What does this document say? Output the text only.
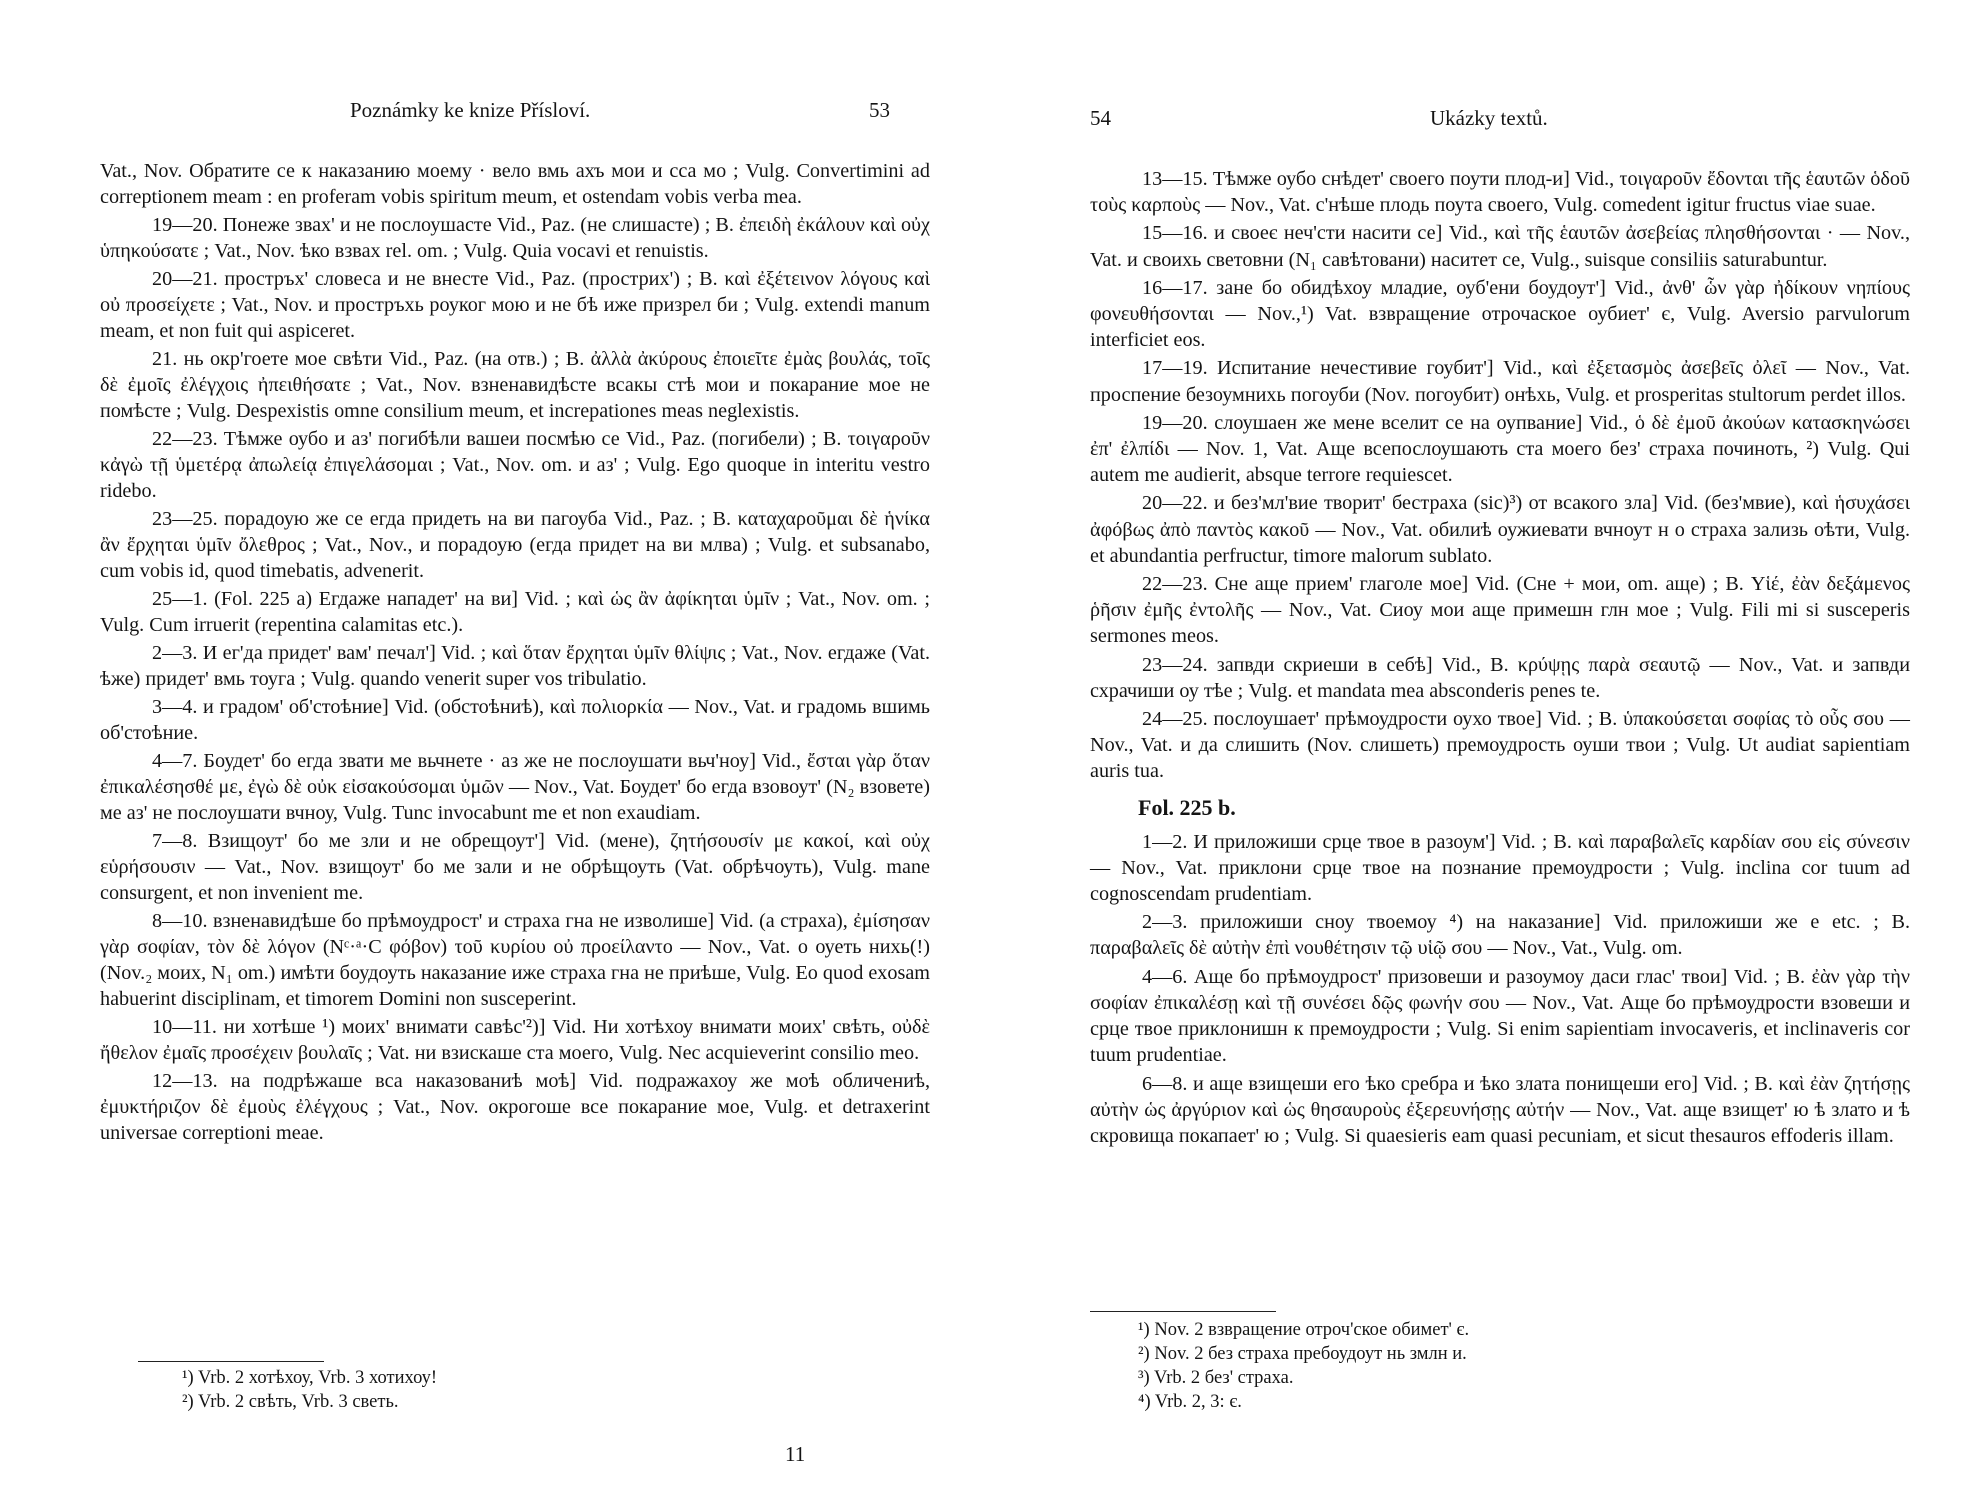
Poznámky ke knize Přísloví.	53

Vat., Nov. Обратите се к наказанию моему · вело вмь ахъ мои и сса мо ; Vulg. Convertimini ad correptionem meam : en proferam vobis spiritum meum, et ostendam vobis verba mea.

19—20. Понеже звах' и не послоушасте Vid., Paz. (не слишасте) ; B. ἐπειδὴ ἐκάλουν καὶ οὐχ ὑπηκούσατε ; Vat., Nov. ѣко взвах rel. om. ; Vulg. Quia vocavi et renuistis.

20—21. простръх' словеса и не внесте Vid., Paz. (простриx') ; B. καὶ ἐξέτεινον λόγους καὶ οὐ προσείχετε ; Vat., Nov. и простръхь роуког мою и не бѣ иже призрел би ; Vulg. extendi manum meam, et non fuit qui aspiceret.

21. нь окр'гоете мое свѣти Vid., Paz. (на отв.) ; B. ἀλλὰ ἀκύρους ἐποιεῖτε ἐμὰς βουλάς, τοῖς δὲ ἐμοῖς ἐλέγχοις ἠπειθήσατε ; Vat., Nov. взненавидѣсте всакы стѣ мои и покарание мое не помѣсте ; Vulg. Despexistis omne consilium meum, et increpationes meas neglexistis.

22—23. Тѣмже оубо и аз' погибѣли вашеи посмѣю се Vid., Paz. (погибели) ; B. τοιγαροῦν κἀγὼ τῇ ὑμετέρᾳ ἀπωλείᾳ ἐπιγελάσομαι ; Vat., Nov. om. и аз' ; Vulg. Ego quoque in interitu vestro ridebo.

23—25. порадоую же се егда придеть на ви пагоуба Vid., Paz. ; B. καταχαροῦμαι δὲ ἡνίκα ἂν ἔρχηται ὑμῖν ὄλεθρος ; Vat., Nov., и порадоую (егда придет на ви млва) ; Vulg. et subsanabo, cum vobis id, quod timebatis, advenerit.

25—1. (Fol. 225 a) Егдаже нападет' на ви] Vid. ; καὶ ὡς ἂν ἀφίκηται ὑμῖν ; Vat., Nov. om. ; Vulg. Cum irruerit (repentina calamitas etc.).

2—3. И ег'да придет' вам' печал'] Vid. ; καὶ ὅταν ἔρχηται ὑμῖν θλίψις ; Vat., Nov. егдаже (Vat. ѣже) придет' вмь тоуга ; Vulg. quando venerit super vos tribulatio.

3—4. и градом' об'стоѣние] Vid. (обстоѣниѣ), καὶ πολιορκία — Nov., Vat. и градомь вшимь об'стоѣние.

4—7. Боудет' бо егда звати ме вьчнете · аз же не послоушати вьч'ноу] Vid., ἔσται γὰρ ὅταν ἐπικαλέσησθέ με, ἐγὼ δὲ οὐκ εἰσακούσομαι ὑμῶν — Nov., Vat. Боудет' бо егда взовоут' (N₂ взовете) ме аз' не послоушати вчноу, Vulg. Tunc invocabunt me et non exaudiam.

7—8. Взищоут' бо ме зли и не обрещоут'] Vid. (мене), ζητήσουσίν με κακοί, καὶ οὐχ εὑρήσουσιν — Vat., Nov. взищоут' бо ме зали и не обрѣщоуть (Vat. обрѣчоуть), Vulg. mane consurgent, et non invenient me.

8—10. взненавидѣше бо прѣмоудрост' и страха гна не изволише] Vid. (а страха), ἐμίσησαν γὰρ σοφίαν, τὸν δὲ λόγον (Nᶜ·ᵃ·C φόβον) τοῦ κυρίου οὐ προείλαντο — Nov., Vat. о оуеть нихь(!) (Nov.₂ моих, N₁ om.) имѣти боудоуть наказание иже страха гна не приѣше, Vulg. Eo quod exosam habuerint disciplinam, et timorem Domini non susceperint.

10—11. ни хотѣше ¹) моих' внимати савѣс'²)] Vid. Ни хотѣхоу внимати моих' свѣть, οὐδὲ ἤθελον ἐμαῖς προσέχειν βουλαῖς ; Vat. ни взискаше ста моего, Vulg. Nec acquieverint consilio meo.

12—13. на подрѣжаше вса наказованиѣ моѣ] Vid. подражахоу же моѣ обличениѣ, ἐμυκτήριζον δὲ ἐμοὺς ἐλέγχους ; Vat., Nov. окрогоше все покарание мое, Vulg. et detraxerint universae correptioni meae.

¹) Vrb. 2 хотѣхоу, Vrb. 3 хотихоу!
²) Vrb. 2 свѣть, Vrb. 3 светь.
11
54	Ukázky textů.

13—15. Тѣмже оубо снѣдет' своего поути плод-и] Vid., τοιγαροῦν ἔδονται τῆς ἑαυτῶν ὁδοῦ τοὺς καρποὺς — Nov., Vat. с'нѣше плодь поута своего, Vulg. comedent igitur fructus viae suae.

15—16. и своеє неч'сти насити се] Vid., καὶ τῆς ἑαυτῶν ἀσεβείας πλησθήσονται · — Nov., Vat. и своихь световни (N₁ савѣтовани) наситет се, Vulg., suisque consiliis saturabuntur.

16—17. зане бо обидѣхоу младие, оуб'ени боудоут'] Vid., ἀνθ' ὧν γὰρ ἠδίκουν νηπίους φονευθήσονται — Nov.,¹) Vat. взвращение отрочаское оубиет' є, Vulg. Aversio parvulorum interficiet eos.

17—19. Испитание нечестивие гоубит'] Vid., καὶ ἐξετασμὸς ἀσεβεῖς ὀλεῖ — Nov., Vat. проспение безоумнихь погоуби (Nov. погоубит) онѣхь, Vulg. et prosperitas stultorum perdet illos.

19—20. слоушаен же мене вселит се на оупвание] Vid., ὁ δὲ ἐμοῦ ἀκούων κατασκηνώσει ἐπ' ἐλπίδι — Nov. 1, Vat. Аще всепослоушають ста моего без' страха починоть, ²) Vulg. Qui autem me audierit, absque terrore requiescet.

20—22. и без'мл'вие творит' бестраха (sic)³) от всакого зла] Vid. (без'мвие), καὶ ἡσυχάσει ἀφόβως ἀπὸ παντὸς κακοῦ — Nov., Vat. обилиѣ оужиевати вчноут н о страха зализь оѣти, Vulg. et abundantia perfructur, timore malorum sublato.

22—23. Сне аще прием' глаголе мое] Vid. (Сне + мои, om. аще) ; B. Υἱέ, ἐὰν δεξάμενος ῥῆσιν ἐμῆς ἐντολῆς — Nov., Vat. Сиоу мои аще примешн глн мое ; Vulg. Fili mi si susceperis sermones meos.

23—24. запвди скриеши в себѣ] Vid., B. κρύψῃς παρὰ σεαυτῷ — Nov., Vat. и запвди схрачиши оу тѣе ; Vulg. et mandata mea absconderis penes te.

24—25. послоушает' прѣмоудрости оухо твое] Vid. ; B. ὑπακούσεται σοφίας τὸ οὖς σου — Nov., Vat. и да слишить (Nov. слишеть) премоудрость оуши твои ; Vulg. Ut audiat sapientiam auris tua.

Fol. 225 b.

1—2. И приложиши срце твое в разоум'] Vid. ; B. καὶ παραβαλεῖς καρδίαν σου εἰς σύνεσιν — Nov., Vat. приклони срце твое на познание премоудрости ; Vulg. inclina cor tuum ad cognoscendam prudentiam.

2—3. приложиши сноу твоемоу ⁴) на наказание] Vid. приложиши же е etc. ; B. παραβαλεῖς δὲ αὐτὴν ἐπὶ νουθέτησιν τῷ υἱῷ σου — Nov., Vat., Vulg. om.

4—6. Аще бо прѣмоудрост' призовеши и разоумоу даси глас' твои] Vid. ; B. ἐὰν γὰρ τὴν σοφίαν ἐπικαλέσῃ καὶ τῇ συνέσει δῷς φωνήν σου — Nov., Vat. Аще бо прѣмоудрости взовеши и срце твое приклонишн к премоудрости ; Vulg. Si enim sapientiam invocaveris, et inclinaveris cor tuum prudentiae.

6—8. и аще взищеши его ѣко сребра и ѣко злата понищеши его] Vid. ; B. καὶ ἐὰν ζητήσῃς αὐτὴν ὡς ἀργύριον καὶ ὡς θησαυροὺς ἐξερευνήσῃς αὐτήν — Nov., Vat. аще взищет' ю ѣ злато и ѣ скровища покапает' ю ; Vulg. Si quaesieris eam quasi pecuniam, et sicut thesauros effoderis illam.

¹) Nov. 2 взвращение отроч'ское обимет' є.
²) Nov. 2 без страха пребоудоут нь змлн и.
³) Vrb. 2 без' страха.
⁴) Vrb. 2, 3: є.
